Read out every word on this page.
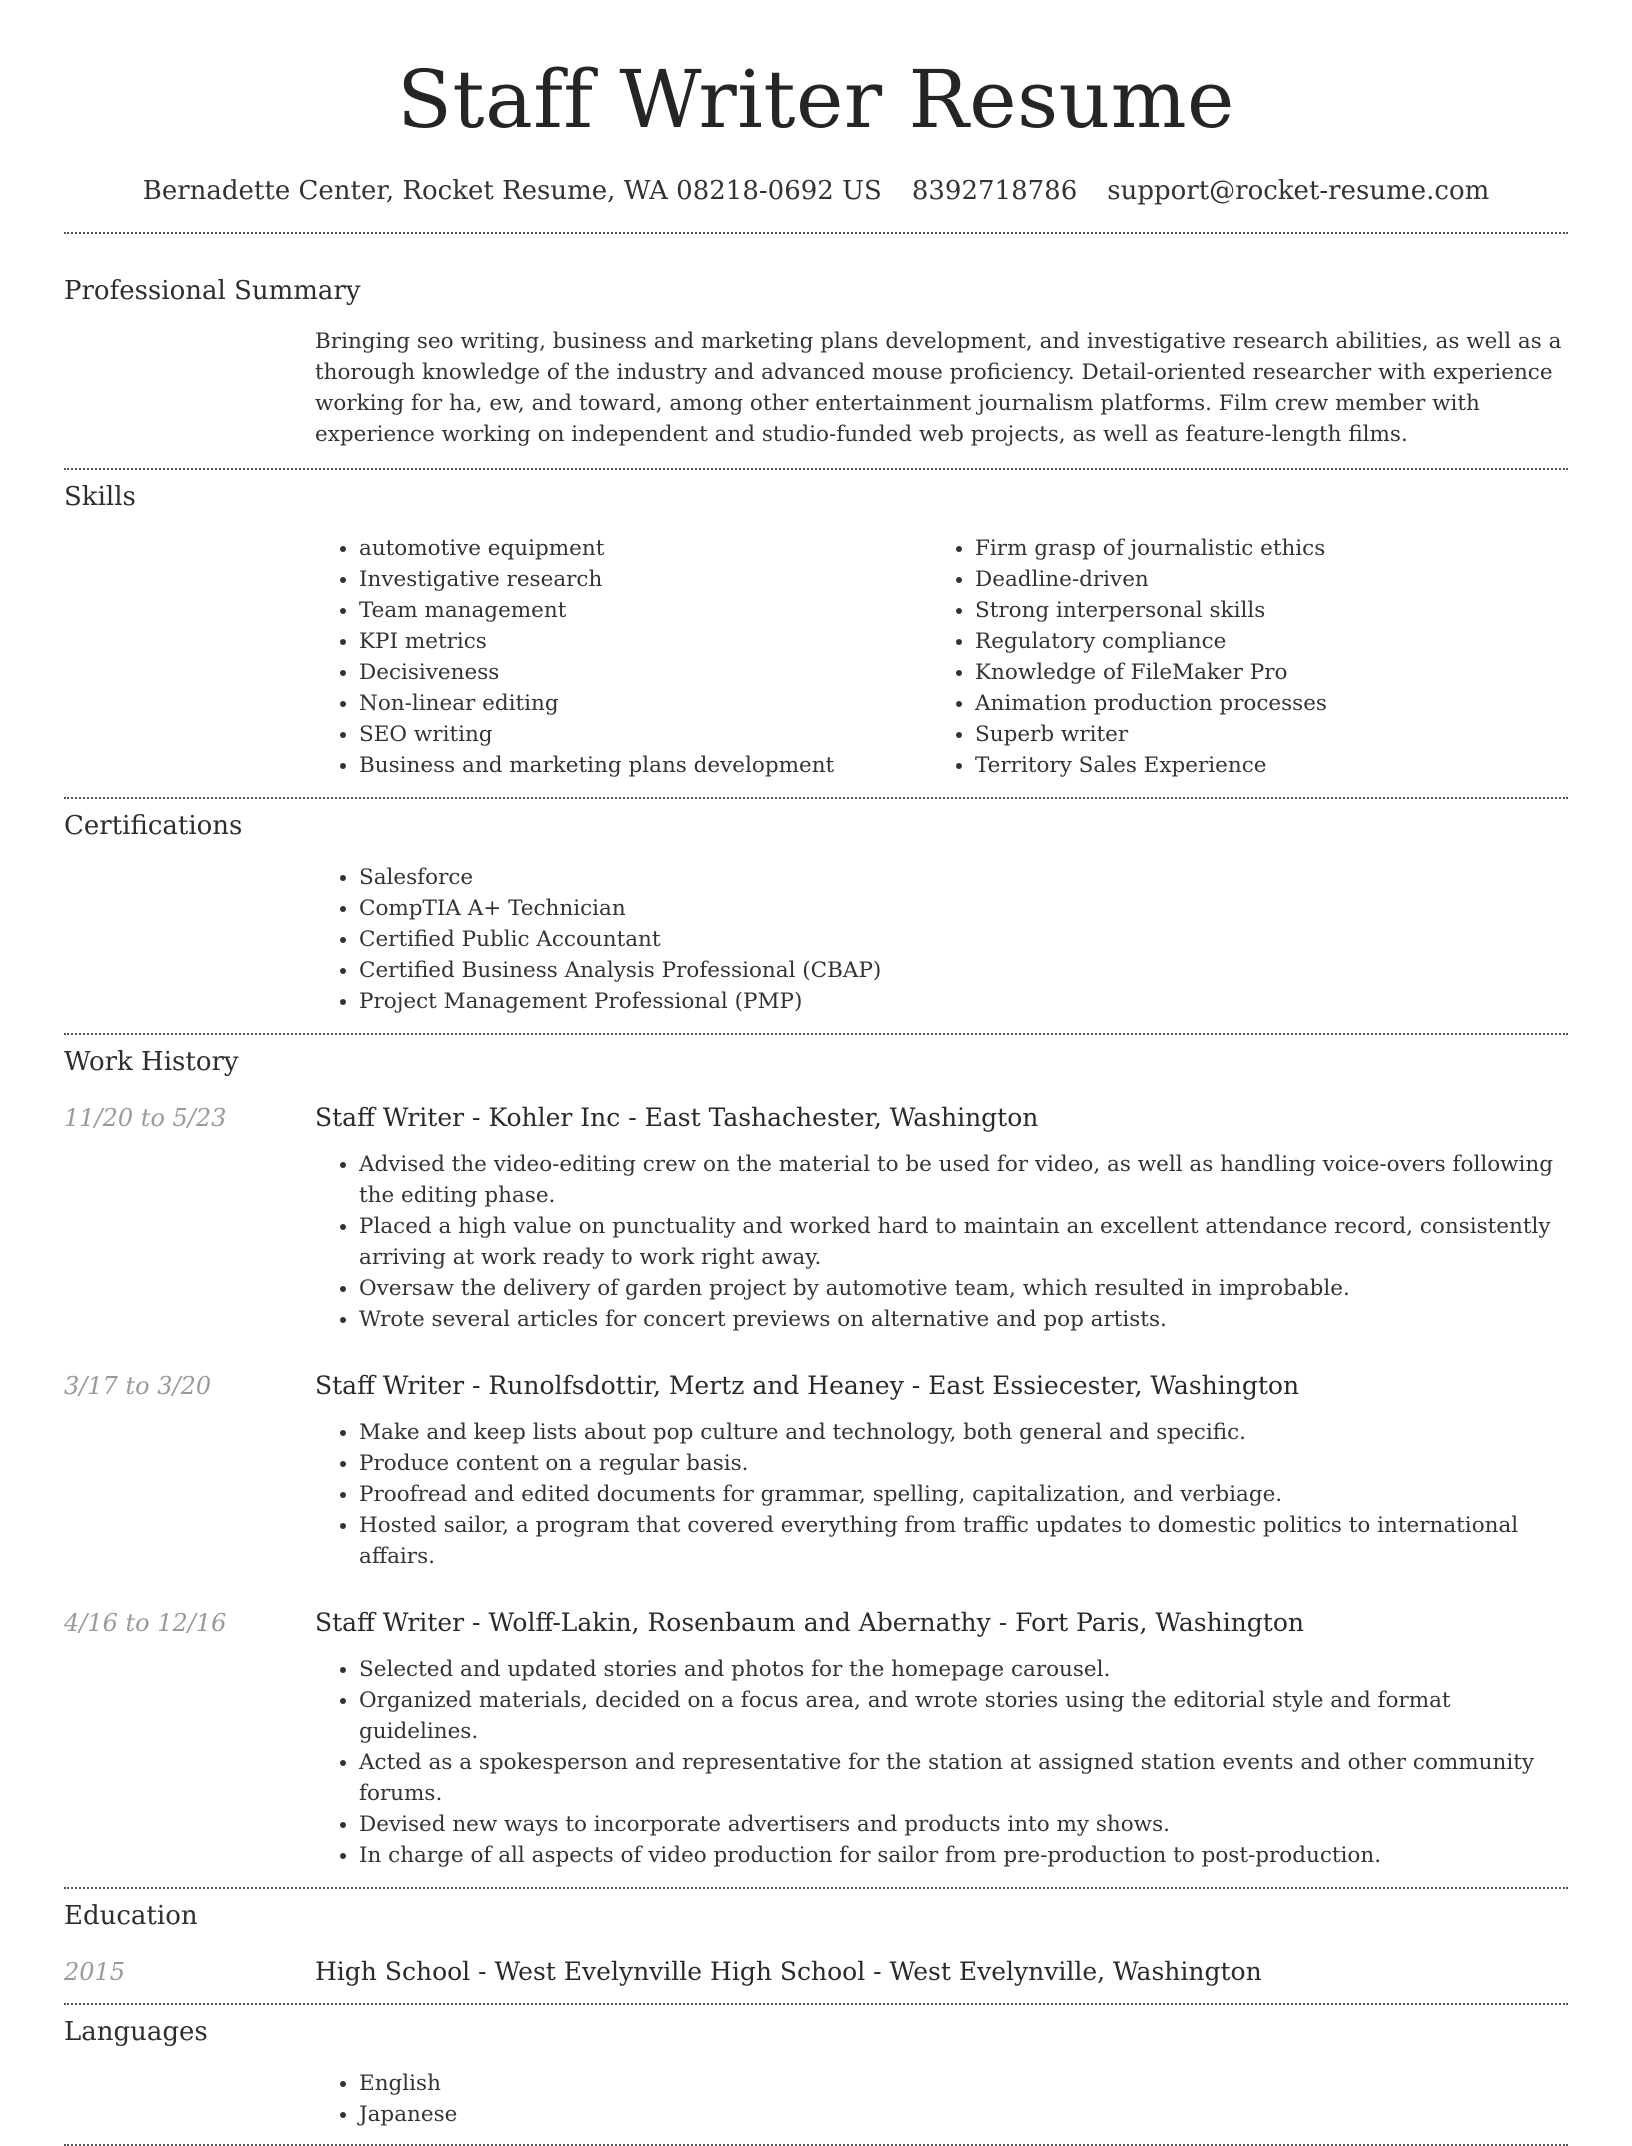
Staff Writer Resume
Bernadette Center, Rocket Resume, WA 08218-0692 US 8392718786 support@rocket-resume.com
Professional Summary

Bringing seo writing, business and marketing plans development, and investigative research abilities, as well as a thorough knowledge of the industry and advanced mouse proficiency. Detail-oriented researcher with experience working for ha, ew, and toward, among other entertainment journalism platforms. Film crew member with experience working on independent and studio-funded web projects, as well as feature-length films.

Skills
• automotive equipment
• Investigative research
• Team management
• KPI metrics
• Decisiveness
• Non-linear editing
• SEO writing
• Business and marketing plans development
• Firm grasp of journalistic ethics
• Deadline-driven
• Strong interpersonal skills
• Regulatory compliance
• Knowledge of FileMaker Pro
• Animation production processes
• Superb writer
• Territory Sales Experience
Certifications
• Salesforce
• CompTIA A+ Technician
• Certified Public Accountant
• Certified Business Analysis Professional (CBAP)
• Project Management Professional (PMP)
Work History
11/20 to 5/23	Staff Writer - Kohler Inc - East Tashachester, Washington
• Advised the video-editing crew on the material to be used for video, as well as handling voice-overs following the editing phase.
• Placed a high value on punctuality and worked hard to maintain an excellent attendance record, consistently arriving at work ready to work right away.
• Oversaw the delivery of garden project by automotive team, which resulted in improbable.
• Wrote several articles for concert previews on alternative and pop artists.
3/17 to 3/20	Staff Writer - Runolfsdottir, Mertz and Heaney - East Essiecester, Washington
• Make and keep lists about pop culture and technology, both general and specific.
• Produce content on a regular basis.
• Proofread and edited documents for grammar, spelling, capitalization, and verbiage.
• Hosted sailor, a program that covered everything from traffic updates to domestic politics to international affairs.
4/16 to 12/16	Staff Writer - Wolff-Lakin, Rosenbaum and Abernathy - Fort Paris, Washington
• Selected and updated stories and photos for the homepage carousel.
• Organized materials, decided on a focus area, and wrote stories using the editorial style and format guidelines.
• Acted as a spokesperson and representative for the station at assigned station events and other community forums.
• Devised new ways to incorporate advertisers and products into my shows.
• In charge of all aspects of video production for sailor from pre-production to post-production.
Education
2015	High School - West Evelynville High School - West Evelynville, Washington
Languages
• English
• Japanese
